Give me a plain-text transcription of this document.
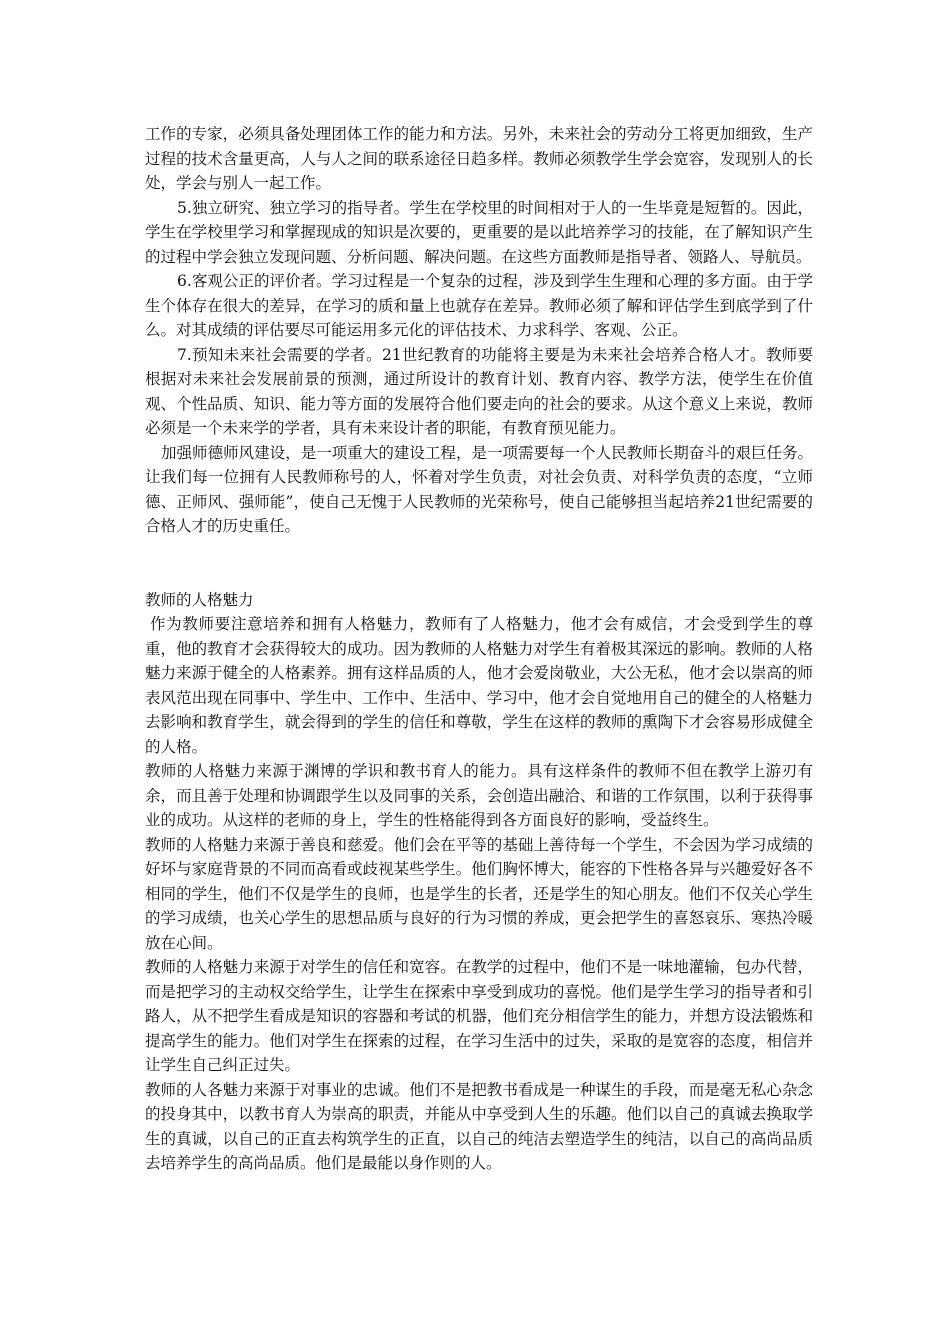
工作的专家，必须具备处理团体工作的能力和方法。另外，未来社会的劳动分工将更加细致，生产过程的技术含量更高，人与人之间的联系途径日趋多样。教师必须教学生学会宽容，发现别人的长处，学会与别人一起工作。

5.独立研究、独立学习的指导者。学生在学校里的时间相对于人的一生毕竟是短暂的。因此，学生在学校里学习和掌握现成的知识是次要的，更重要的是以此培养学习的技能，在了解知识产生的过程中学会独立发现问题、分析问题、解决问题。在这些方面教师是指导者、领路人、导航员。

6.客观公正的评价者。学习过程是一个复杂的过程，涉及到学生生理和心理的多方面。由于学生个体存在很大的差异，在学习的质和量上也就存在差异。教师必须了解和评估学生到底学到了什么。对其成绩的评估要尽可能运用多元化的评估技术、力求科学、客观、公正。

7.预知未来社会需要的学者。21世纪教育的功能将主要是为未来社会培养合格人才。教师要根据对未来社会发展前景的预测，通过所设计的教育计划、教育内容、教学方法，使学生在价值观、个性品质、知识、能力等方面的发展符合他们要走向的社会的要求。从这个意义上来说，教师必须是一个未来学的学者，具有未来设计者的职能，有教育预见能力。

加强师德师风建设，是一项重大的建设工程，是一项需要每一个人民教师长期奋斗的艰巨任务。让我们每一位拥有人民教师称号的人，怀着对学生负责，对社会负责、对科学负责的态度，“立师德、正师风、强师能”，使自己无愧于人民教师的光荣称号，使自己能够担当起培养21世纪需要的合格人才的历史重任。

教师的人格魅力

作为教师要注意培养和拥有人格魅力，教师有了人格魅力，他才会有威信，才会受到学生的尊重，他的教育才会获得较大的成功。因为教师的人格魅力对学生有着极其深远的影响。教师的人格魅力来源于健全的人格素养。拥有这样品质的人，他才会爱岗敬业，大公无私，他才会以崇高的师表风范出现在同事中、学生中、工作中、生活中、学习中，他才会自觉地用自己的健全的人格魅力去影响和教育学生，就会得到的学生的信任和尊敬，学生在这样的教师的熏陶下才会容易形成健全的人格。

教师的人格魅力来源于渊博的学识和教书育人的能力。具有这样条件的教师不但在教学上游刃有余，而且善于处理和协调跟学生以及同事的关系，会创造出融洽、和谐的工作氛围，以利于获得事业的成功。从这样的老师的身上，学生的性格能得到各方面良好的影响，受益终生。

教师的人格魅力来源于善良和慈爱。他们会在平等的基础上善待每一个学生，不会因为学习成绩的好坏与家庭背景的不同而高看或歧视某些学生。他们胸怀博大，能容的下性格各异与兴趣爱好各不相同的学生，他们不仅是学生的良师，也是学生的长者，还是学生的知心朋友。他们不仅关心学生的学习成绩，也关心学生的思想品质与良好的行为习惯的养成，更会把学生的喜怒哀乐、寒热冷暖放在心间。

教师的人格魅力来源于对学生的信任和宽容。在教学的过程中，他们不是一味地灌输，包办代替，而是把学习的主动权交给学生，让学生在探索中享受到成功的喜悦。他们是学生学习的指导者和引路人，从不把学生看成是知识的容器和考试的机器，他们充分相信学生的能力，并想方设法锻炼和提高学生的能力。他们对学生在探索的过程，在学习生活中的过失，采取的是宽容的态度，相信并让学生自己纠正过失。

教师的人各魅力来源于对事业的忠诚。他们不是把教书看成是一种谋生的手段，而是毫无私心杂念的投身其中，以教书育人为崇高的职责，并能从中享受到人生的乐趣。他们以自己的真诚去换取学生的真诚，以自己的正直去构筑学生的正直，以自己的纯洁去塑造学生的纯洁，以自己的高尚品质去培养学生的高尚品质。他们是最能以身作则的人。
